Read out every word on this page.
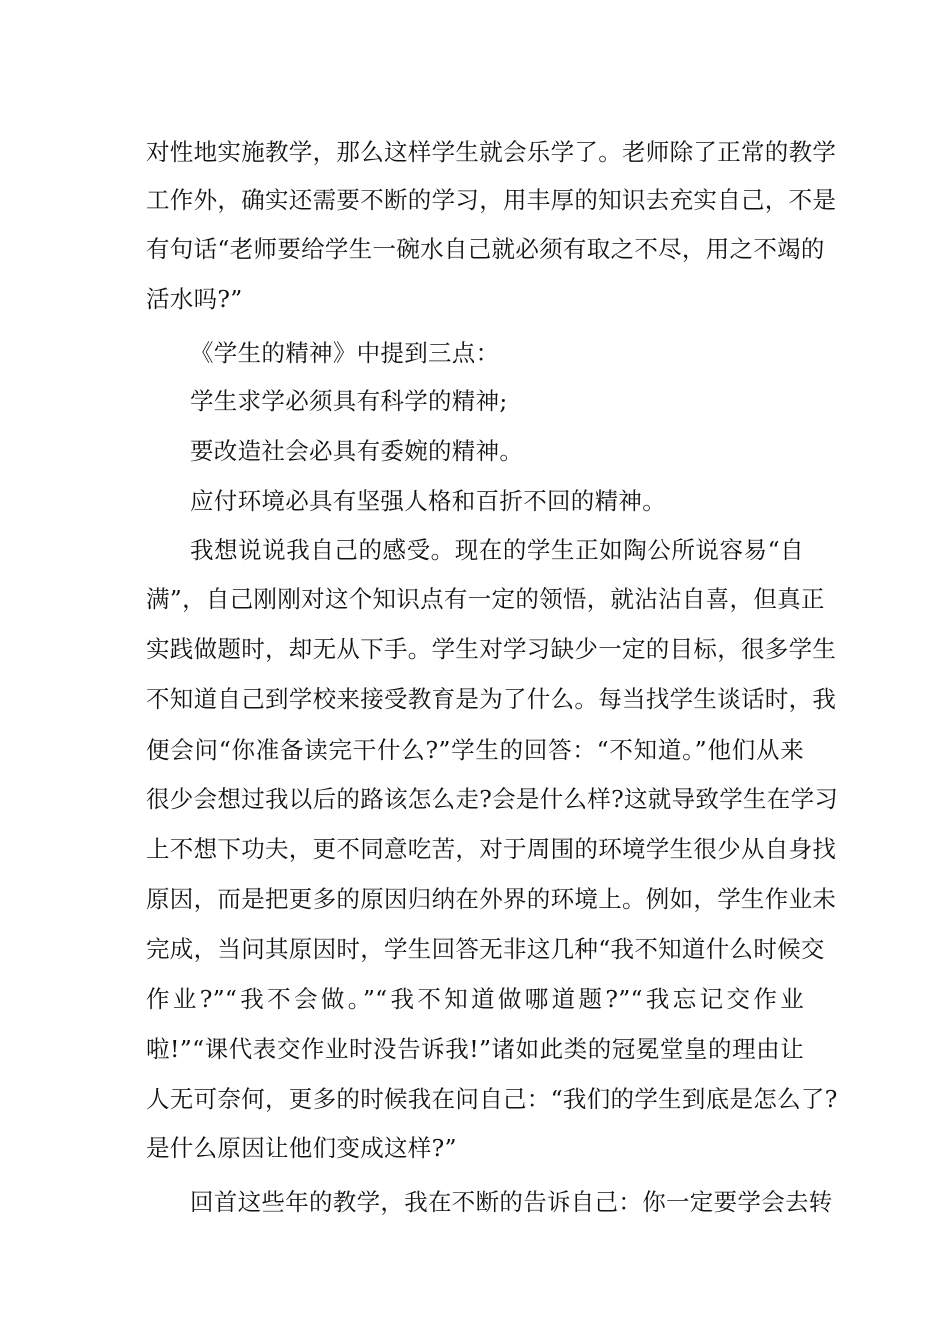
对性地实施教学，那么这样学生就会乐学了。老师除了正常的教学
工作外，确实还需要不断的学习，用丰厚的知识去充实自己，不是
有句话“老师要给学生一碗水自己就必须有取之不尽，用之不竭的
活水吗?”
《学生的精神》中提到三点：
学生求学必须具有科学的精神;
要改造社会必具有委婉的精神。
应付环境必具有坚强人格和百折不回的精神。
我想说说我自己的感受。现在的学生正如陶公所说容易“自
满”，自己刚刚对这个知识点有一定的领悟，就沾沾自喜，但真正
实践做题时，却无从下手。学生对学习缺少一定的目标，很多学生
不知道自己到学校来接受教育是为了什么。每当找学生谈话时，我
便会问“你准备读完干什么?”学生的回答：“不知道。”他们从来
很少会想过我以后的路该怎么走?会是什么样?这就导致学生在学习
上不想下功夫，更不同意吃苦，对于周围的环境学生很少从自身找
原因，而是把更多的原因归纳在外界的环境上。例如，学生作业未
完成，当问其原因时，学生回答无非这几种“我不知道什么时候交
作业?”“我不会做。”“我不知道做哪道题?”“我忘记交作业
啦!”“课代表交作业时没告诉我!”诸如此类的冠冕堂皇的理由让
人无可奈何，更多的时候我在问自己：“我们的学生到底是怎么了?
是什么原因让他们变成这样?”
回首这些年的教学，我在不断的告诉自己：你一定要学会去转
